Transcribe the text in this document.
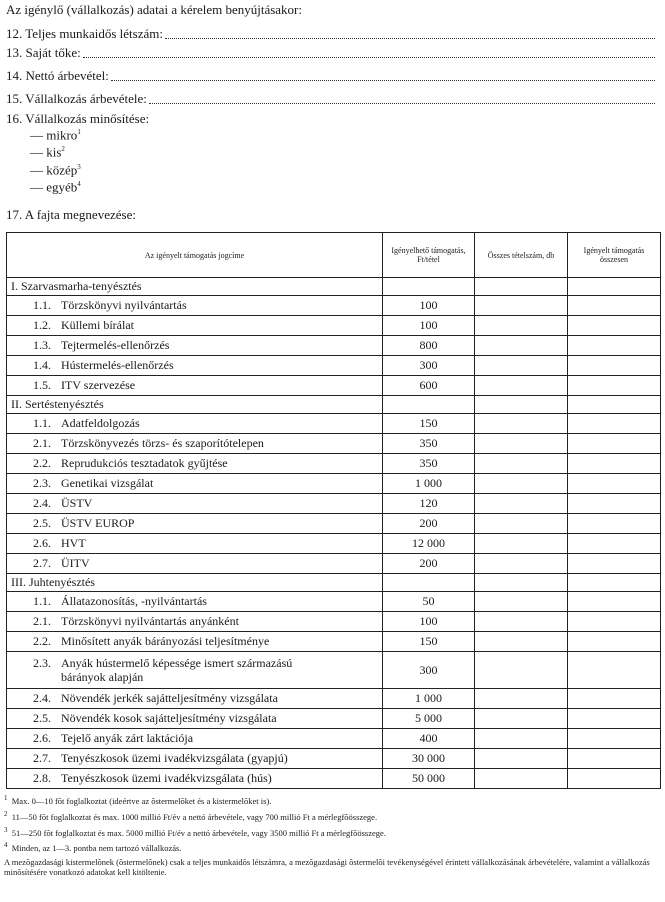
Az igénylő (vállalkozás) adatai a kérelem benyújtásakor:
12. Teljes munkaidős létszám:
13. Saját tőke:
14. Nettó árbevétel:
15. Vállalkozás árbevétele:
16. Vállalkozás minősítése:
— mikro$^1$
— kis$^2$
— közép$^3$
— egyéb$^4$
17. A fajta megnevezése:
Az igényelt támogatás jogcíme	Igényelhető támogatás, Ft/tétel	Összes tételszám, db	Igényelt támogatás összesen
I. Szarvasmarha-tenyésztés			
1.1. Törzskönyvi nyilvántartás	100		
1.2. Küllemi bírálat	100		
1.3. Tejtermelés-ellenőrzés	800		
1.4. Hústermelés-ellenőrzés	300		
1.5. ITV szervezése	600		
II. Sertéstenyésztés			
1.1. Adatfeldolgozás	150		
2.1. Törzskönyvezés törzs- és szaporítótelepen	350		
2.2. Reprudukciós tesztadatok gyűjtése	350		
2.3. Genetikai vizsgálat	1 000		
2.4. ÜSTV	120		
2.5. ÜSTV EUROP	200		
2.6. HVT	12 000		
2.7. ÜITV	200		
III. Juhtenyésztés			
1.1. Állatazonosítás, -nyilvántartás	50		
2.1. Törzskönyvi nyilvántartás anyánként	100		
2.2. Minősített anyák bárányozási teljesítménye	150		
2.3. Anyák hústermelő képessége ismert származású bárányok alapján	300		
2.4. Növendék jerkék sajátteljesítmény vizsgálata	1 000		
2.5. Növendék kosok sajátteljesítmény vizsgálata	5 000		
2.6. Tejelő anyák zárt laktációja	400		
2.7. Tenyészkosok üzemi ivadékvizsgálata (gyapjú)	30 000		
2.8. Tenyészkosok üzemi ivadékvizsgálata (hús)	50 000		
$^1$ Max. 0—10 fõt foglalkoztat (ideértve az õstermelõket és a kistermelõket is).
$^2$ 11—50 fõt foglalkoztat és max. 1000 millió Ft/év a nettó árbevétele, vagy 700 millió Ft a mérlegfõösszege.
$^3$ 51—250 fõt foglalkoztat és max. 5000 millió Ft/év a nettó árbevétele, vagy 3500 millió Ft a mérlegfõösszege.
$^4$ Minden, az 1—3. pontba nem tartozó vállalkozás.
A mezõgazdasági kistermelõnek (õstermelõnek) csak a teljes munkaidõs létszámra, a mezõgazdasági õstermelõi tevékenységével érintett vállalkozásának árbevételére, valamint a vállalkozás minõsítésére vonatkozó adatokat kell kitöltenie.
